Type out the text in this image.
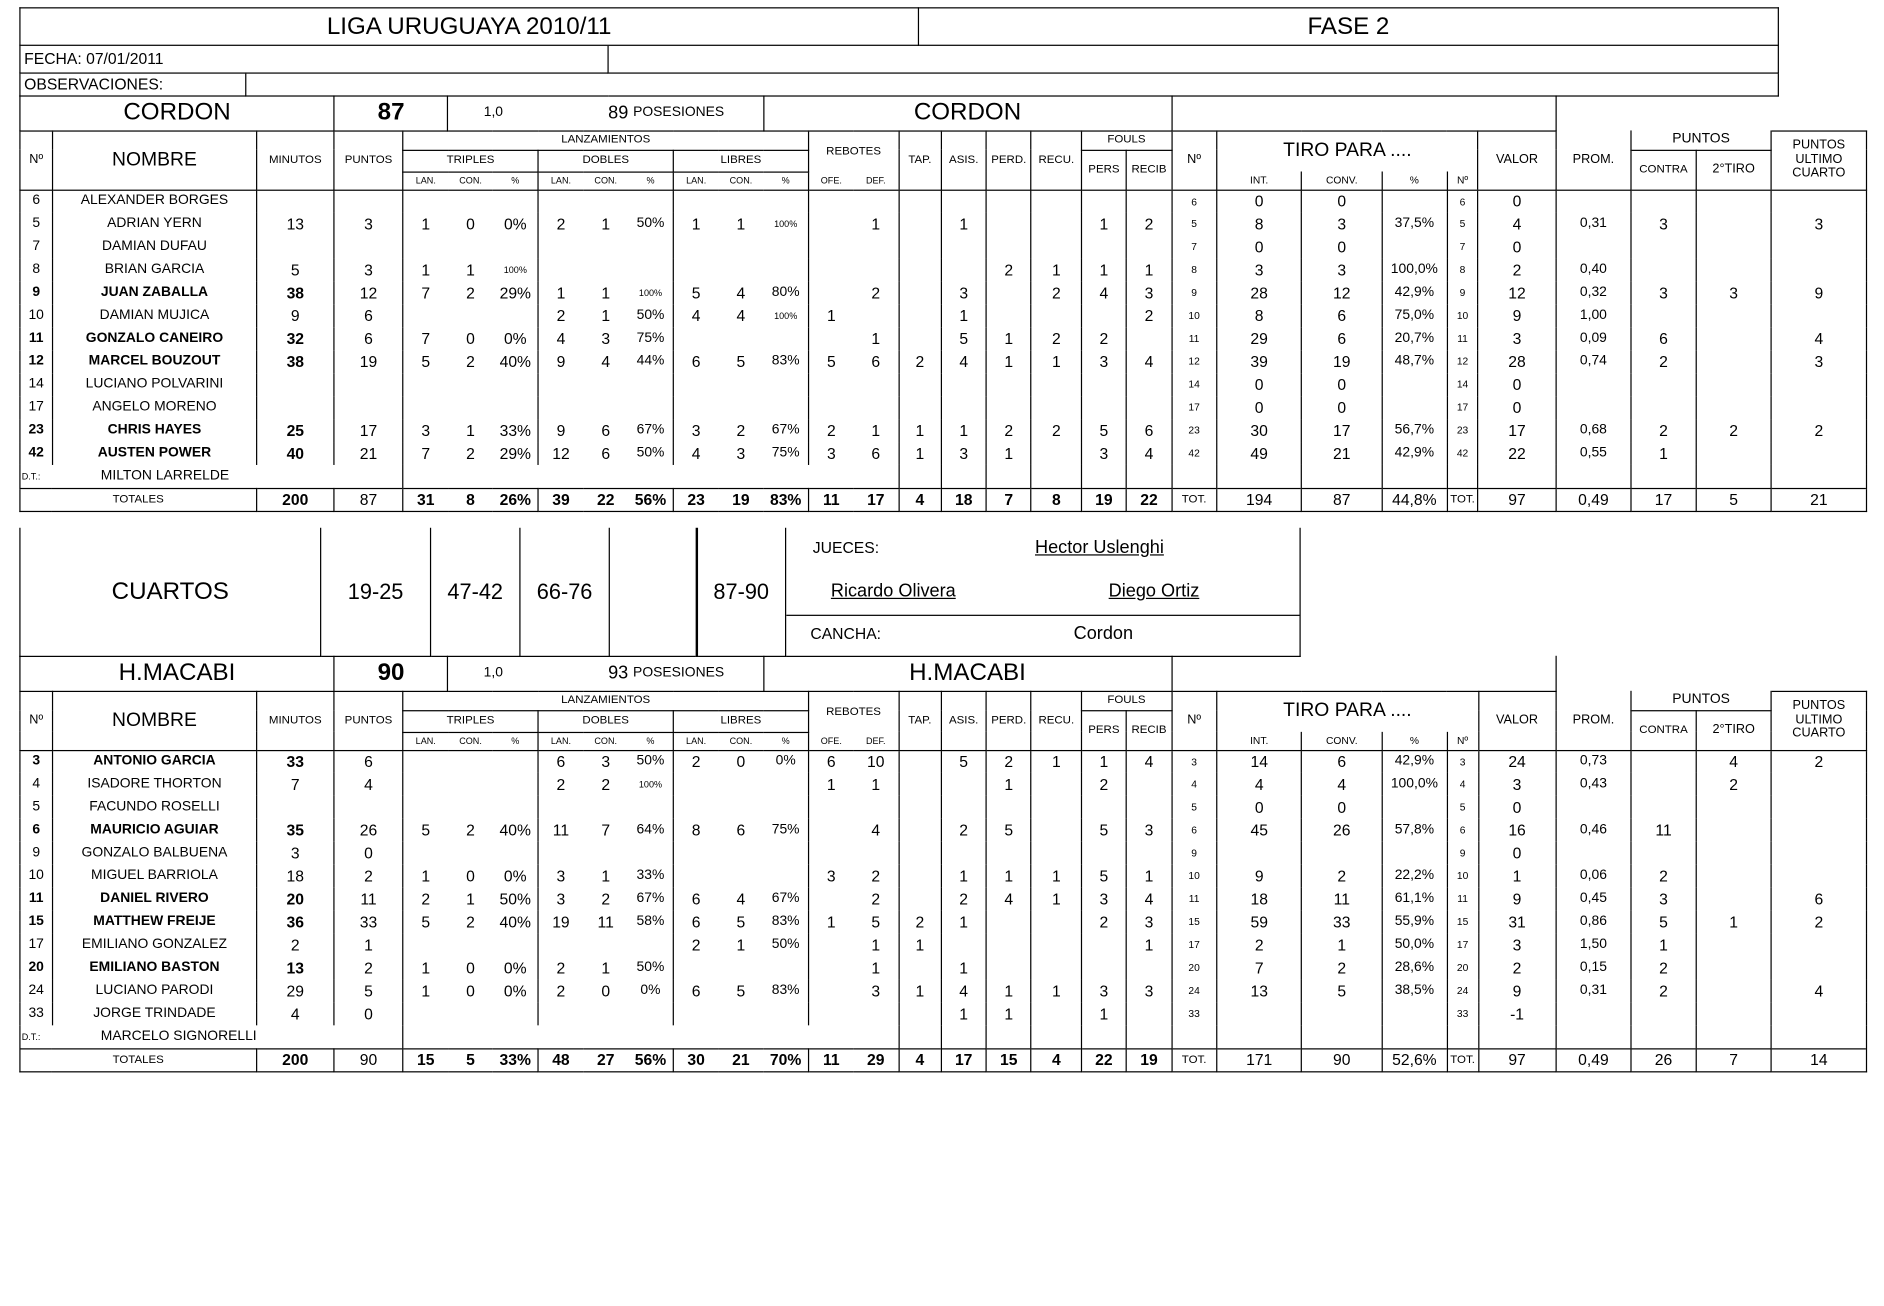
LIGA URUGUAYA 2010/11	FASE 2
FECHA: 07/01/2011		
OBSERVACIONES:		
CORDON			87		1,0		89		POSESIONES			CORDON																		
Nº	NOMBRE	MINUTOS	PUNTOS	LANZAMIENTOS									REBOTES		TAP.	ASIS.	PERD.	RECU.	FOULS		Nº	TIRO PARA ....				VALOR	PROM.	PUNTOS		PUNTOS
ULTIMO
CUARTO

				TRIPLES			DOBLES			LIBRES									PERS	RECIB								CONTRA	2°TIRO	
				LAN.	CON.	%	LAN.	CON.	%	LAN.	CON.	%	OFE.	DEF.								INT.	CONV.	%	Nº					
6	ALEXANDER BORGES																				6	0	0		6	0				
5	ADRIAN YERN	13	3	1	0	0%	2	1	50%	1	1	100%		1		1			1	2	5	8	3	37,5%	5	4	0,31	3		3
7	DAMIAN DUFAU																				7	0	0		7	0				
8	BRIAN GARCIA	5	3	1	1	100%											2	1	1	1	8	3	3	100,0%	8	2	0,40			
9	JUAN ZABALLA	38	12	7	2	29%	1	1	100%	5	4	80%		2		3		2	4	3	9	28	12	42,9%	9	12	0,32	3	3	9
10	DAMIAN MUJICA	9	6				2	1	50%	4	4	100%	1			1				2	10	8	6	75,0%	10	9	1,00			
11	GONZALO CANEIRO	32	6	7	0	0%	4	3	75%					1		5	1	2	2		11	29	6	20,7%	11	3	0,09	6		4
12	MARCEL BOUZOUT	38	19	5	2	40%	9	4	44%	6	5	83%	5	6	2	4	1	1	3	4	12	39	19	48,7%	12	28	0,74	2		3
14	LUCIANO POLVARINI																				14	0	0		14	0				
17	ANGELO MORENO																				17	0	0		17	0				
23	CHRIS HAYES	25	17	3	1	33%	9	6	67%	3	2	67%	2	1	1	1	2	2	5	6	23	30	17	56,7%	23	17	0,68	2	2	2
42	AUSTEN POWER	40	21	7	2	29%	12	6	50%	4	3	75%	3	6	1	3	1		3	4	42	49	21	42,9%	42	22	0,55	1		
D.T.:	MILTON LARRELDE																													
TOTALES		200	87	31	8	26%	39	22	56%	23	19	83%	11	17	4	18	7	8	19	22	TOT.	194	87	44,8%	TOT.	97	0,49	17	5	21
CUARTOS	19-25	47-42	66-76		87-90	
JUECES:	Hector Uslenghi
Ricardo Olivera	Diego Ortiz
CANCHA:	Cordon
H.MACABI			90		1,0		93		POSESIONES			H.MACABI																		
Nº	NOMBRE	MINUTOS	PUNTOS	LANZAMIENTOS									REBOTES		TAP.	ASIS.	PERD.	RECU.	FOULS		Nº	TIRO PARA ....				VALOR	PROM.	PUNTOS		PUNTOS
ULTIMO
CUARTO

				TRIPLES			DOBLES			LIBRES									PERS	RECIB								CONTRA	2°TIRO	
				LAN.	CON.	%	LAN.	CON.	%	LAN.	CON.	%	OFE.	DEF.								INT.	CONV.	%	Nº					
3	ANTONIO GARCIA	33	6				6	3	50%	2	0	0%	6	10		5	2	1	1	4	3	14	6	42,9%	3	24	0,73		4	2
4	ISADORE THORTON	7	4				2	2	100%				1	1			1		2		4	4	4	100,0%	4	3	0,43		2	
5	FACUNDO ROSELLI																				5	0	0		5	0				
6	MAURICIO AGUIAR	35	26	5	2	40%	11	7	64%	8	6	75%		4		2	5		5	3	6	45	26	57,8%	6	16	0,46	11		
9	GONZALO BALBUENA	3	0																		9				9	0				
10	MIGUEL BARRIOLA	18	2	1	0	0%	3	1	33%				3	2		1	1	1	5	1	10	9	2	22,2%	10	1	0,06	2		
11	DANIEL RIVERO	20	11	2	1	50%	3	2	67%	6	4	67%		2		2	4	1	3	4	11	18	11	61,1%	11	9	0,45	3		6
15	MATTHEW FREIJE	36	33	5	2	40%	19	11	58%	6	5	83%	1	5	2	1			2	3	15	59	33	55,9%	15	31	0,86	5	1	2
17	EMILIANO GONZALEZ	2	1							2	1	50%		1	1					1	17	2	1	50,0%	17	3	1,50	1		
20	EMILIANO BASTON	13	2	1	0	0%	2	1	50%					1		1					20	7	2	28,6%	20	2	0,15	2		
24	LUCIANO PARODI	29	5	1	0	0%	2	0	0%	6	5	83%		3	1	4	1	1	3	3	24	13	5	38,5%	24	9	0,31	2		4
33	JORGE TRINDADE	4	0													1	1		1		33				33	-1				
D.T.:	MARCELO SIGNORELLI																													
TOTALES		200	90	15	5	33%	48	27	56%	30	21	70%	11	29	4	17	15	4	22	19	TOT.	171	90	52,6%	TOT.	97	0,49	26	7	14
